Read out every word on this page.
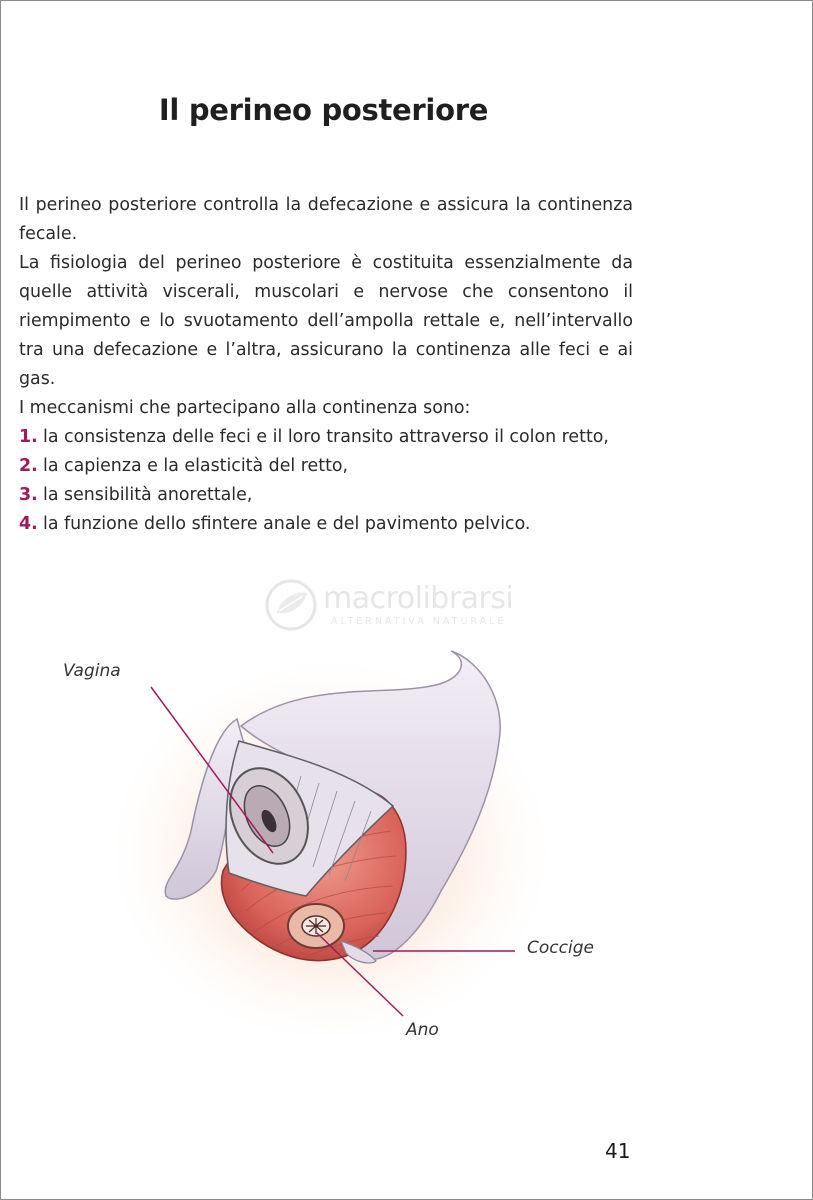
Il perineo posteriore

Il perineo posteriore controlla la defecazione e assicura la continenza fecale.

La fisiologia del perineo posteriore è costituita essenzialmente da quelle attività viscerali, muscolari e nervose che consentono il riempimento e lo svuotamento dell’ampolla rettale e, nell’intervallo tra una defecazione e l’altra, assicurano la continenza alle feci e ai gas.

I meccanismi che partecipano alla continenza sono:

1. la consistenza delle feci e il loro transito attraverso il colon retto,
2. la capienza e la elasticità del retto,
3. la sensibilità anorettale,
4. la funzione dello sfintere anale e del pavimento pelvico.
macrolibrarsi
ALTERNATIVA NATURALE
Vagina
Coccige
Ano
41
